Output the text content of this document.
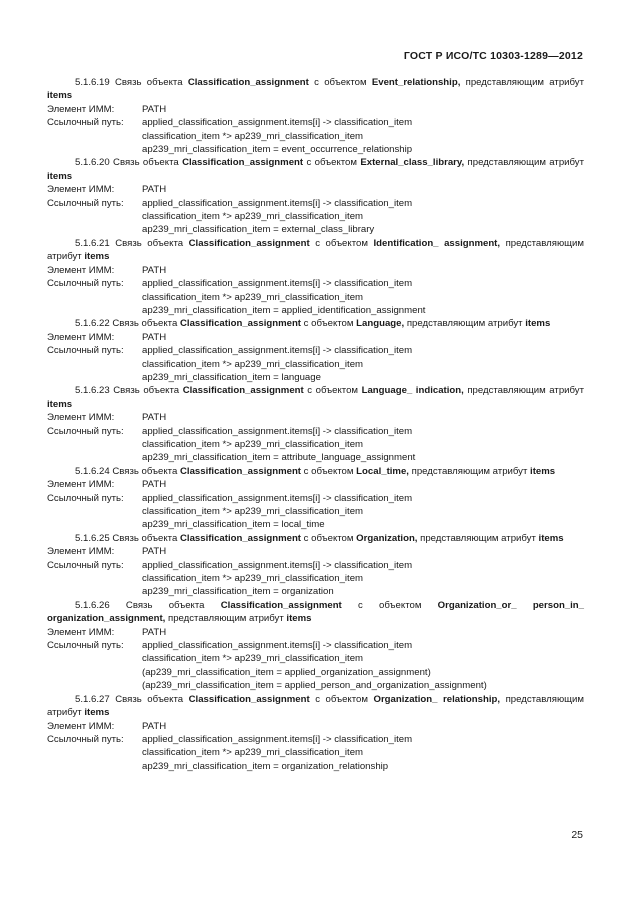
ГОСТ Р ИСО/ТС 10303-1289—2012
5.1.6.19 Связь объекта Classification_assignment с объектом Event_relationship, представляющим атрибут items
Элемент ИММ:	PATH
Ссылочный путь:	applied_classification_assignment.items[i] -> classification_item
classification_item *> ap239_mri_classification_item
ap239_mri_classification_item = event_occurrence_relationship
5.1.6.20 Связь объекта Classification_assignment с объектом External_class_library, представляющим атрибут items
Элемент ИММ:	PATH
Ссылочный путь:	applied_classification_assignment.items[i] -> classification_item
classification_item *> ap239_mri_classification_item
ap239_mri_classification_item = external_class_library
5.1.6.21 Связь объекта Classification_assignment с объектом Identification_ assignment, представляющим атрибут items
Элемент ИММ:	PATH
Ссылочный путь:	applied_classification_assignment.items[i] -> classification_item
classification_item *> ap239_mri_classification_item
ap239_mri_classification_item = applied_identification_assignment
5.1.6.22 Связь объекта Classification_assignment с объектом Language, представляющим атрибут items
Элемент ИММ:	PATH
Ссылочный путь:	applied_classification_assignment.items[i] -> classification_item
classification_item *> ap239_mri_classification_item
ap239_mri_classification_item = language
5.1.6.23 Связь объекта Classification_assignment с объектом Language_ indication, представляющим атрибут items
Элемент ИММ:	PATH
Ссылочный путь:	applied_classification_assignment.items[i] -> classification_item
classification_item *> ap239_mri_classification_item
ap239_mri_classification_item = attribute_language_assignment
5.1.6.24 Связь объекта Classification_assignment с объектом Local_time, представляющим атрибут items
Элемент ИММ:	PATH
Ссылочный путь:	applied_classification_assignment.items[i] -> classification_item
classification_item *> ap239_mri_classification_item
ap239_mri_classification_item = local_time
5.1.6.25 Связь объекта Classification_assignment с объектом Organization, представляющим атрибут items
Элемент ИММ:	PATH
Ссылочный путь:	applied_classification_assignment.items[i] -> classification_item
classification_item *> ap239_mri_classification_item
ap239_mri_classification_item = organization
5.1.6.26 Связь объекта Classification_assignment с объектом Organization_or_ person_in_ organization_assignment, представляющим атрибут items
Элемент ИММ:	PATH
Ссылочный путь:	applied_classification_assignment.items[i] -> classification_item
classification_item *> ap239_mri_classification_item
(ap239_mri_classification_item = applied_organization_assignment)
(ap239_mri_classification_item = applied_person_and_organization_assignment)
5.1.6.27 Связь объекта Classification_assignment с объектом Organization_ relationship, представляющим атрибут items
Элемент ИММ:	PATH
Ссылочный путь:	applied_classification_assignment.items[i] -> classification_item
classification_item *> ap239_mri_classification_item
ap239_mri_classification_item = organization_relationship
25
